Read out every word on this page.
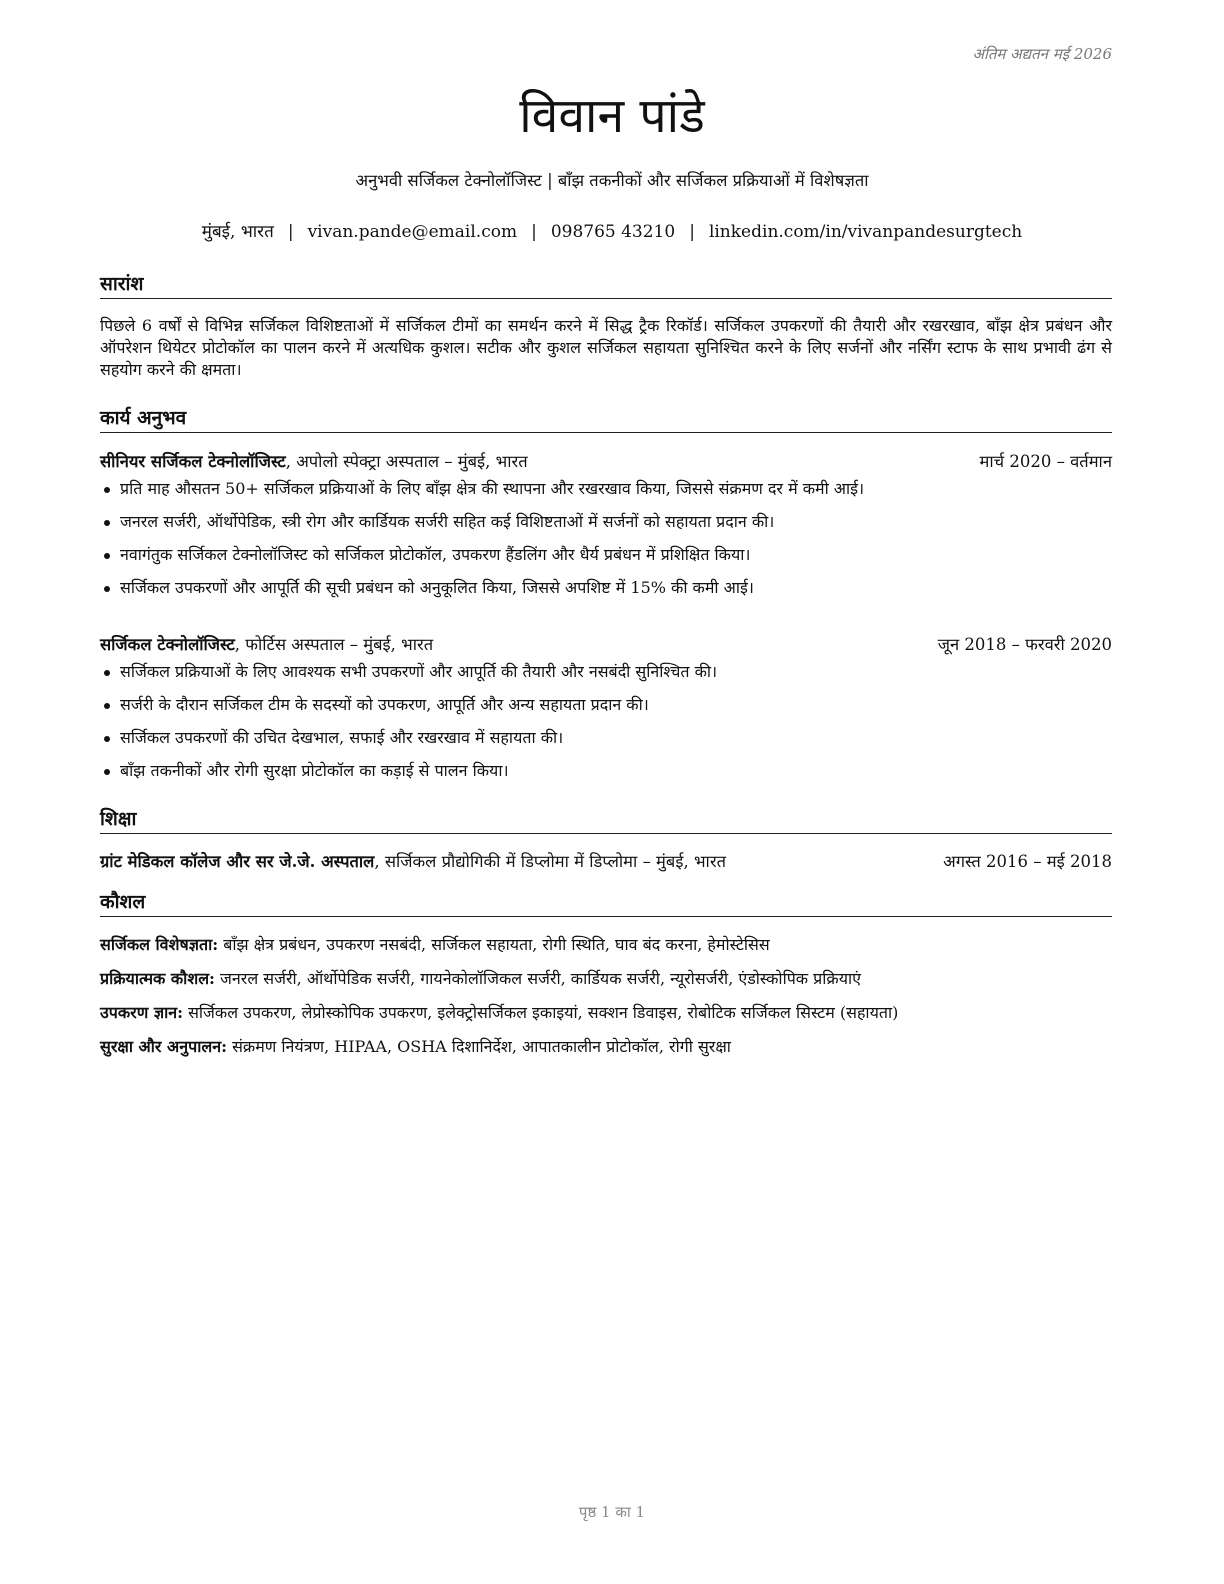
अंतिम अद्यतन मई 2026
विवान पांडे
अनुभवी सर्जिकल टेक्नोलॉजिस्ट | बाँझ तकनीकों और सर्जिकल प्रक्रियाओं में विशेषज्ञता
मुंबई, भारत | vivan.pande@email.com | 098765 43210 | linkedin.com/in/vivanpandesurgtech
सारांश
पिछले 6 वर्षों से विभिन्न सर्जिकल विशिष्टताओं में सर्जिकल टीमों का समर्थन करने में सिद्ध ट्रैक रिकॉर्ड। सर्जिकल उपकरणों की तैयारी और रखरखाव, बाँझ क्षेत्र प्रबंधन और ऑपरेशन थियेटर प्रोटोकॉल का पालन करने में अत्यधिक कुशल। सटीक और कुशल सर्जिकल सहायता सुनिश्चित करने के लिए सर्जनों और नर्सिंग स्टाफ के साथ प्रभावी ढंग से सहयोग करने की क्षमता।
कार्य अनुभव
सीनियर सर्जिकल टेक्नोलॉजिस्ट, अपोलो स्पेक्ट्रा अस्पताल – मुंबई, भारत	मार्च 2020 – वर्तमान
प्रति माह औसतन 50+ सर्जिकल प्रक्रियाओं के लिए बाँझ क्षेत्र की स्थापना और रखरखाव किया, जिससे संक्रमण दर में कमी आई।
जनरल सर्जरी, ऑर्थोपेडिक, स्त्री रोग और कार्डियक सर्जरी सहित कई विशिष्टताओं में सर्जनों को सहायता प्रदान की।
नवागंतुक सर्जिकल टेक्नोलॉजिस्ट को सर्जिकल प्रोटोकॉल, उपकरण हैंडलिंग और धैर्य प्रबंधन में प्रशिक्षित किया।
सर्जिकल उपकरणों और आपूर्ति की सूची प्रबंधन को अनुकूलित किया, जिससे अपशिष्ट में 15% की कमी आई।
सर्जिकल टेक्नोलॉजिस्ट, फोर्टिस अस्पताल – मुंबई, भारत	जून 2018 – फरवरी 2020
सर्जिकल प्रक्रियाओं के लिए आवश्यक सभी उपकरणों और आपूर्ति की तैयारी और नसबंदी सुनिश्चित की।
सर्जरी के दौरान सर्जिकल टीम के सदस्यों को उपकरण, आपूर्ति और अन्य सहायता प्रदान की।
सर्जिकल उपकरणों की उचित देखभाल, सफाई और रखरखाव में सहायता की।
बाँझ तकनीकों और रोगी सुरक्षा प्रोटोकॉल का कड़ाई से पालन किया।
शिक्षा
ग्रांट मेडिकल कॉलेज और सर जे.जे. अस्पताल, सर्जिकल प्रौद्योगिकी में डिप्लोमा में डिप्लोमा – मुंबई, भारत	अगस्त 2016 – मई 2018
कौशल
सर्जिकल विशेषज्ञता: बाँझ क्षेत्र प्रबंधन, उपकरण नसबंदी, सर्जिकल सहायता, रोगी स्थिति, घाव बंद करना, हेमोस्टेसिस
प्रक्रियात्मक कौशल: जनरल सर्जरी, ऑर्थोपेडिक सर्जरी, गायनेकोलॉजिकल सर्जरी, कार्डियक सर्जरी, न्यूरोसर्जरी, एंडोस्कोपिक प्रक्रियाएं
उपकरण ज्ञान: सर्जिकल उपकरण, लेप्रोस्कोपिक उपकरण, इलेक्ट्रोसर्जिकल इकाइयां, सक्शन डिवाइस, रोबोटिक सर्जिकल सिस्टम (सहायता)
सुरक्षा और अनुपालन: संक्रमण नियंत्रण, HIPAA, OSHA दिशानिर्देश, आपातकालीन प्रोटोकॉल, रोगी सुरक्षा
पृष्ठ 1 का 1
